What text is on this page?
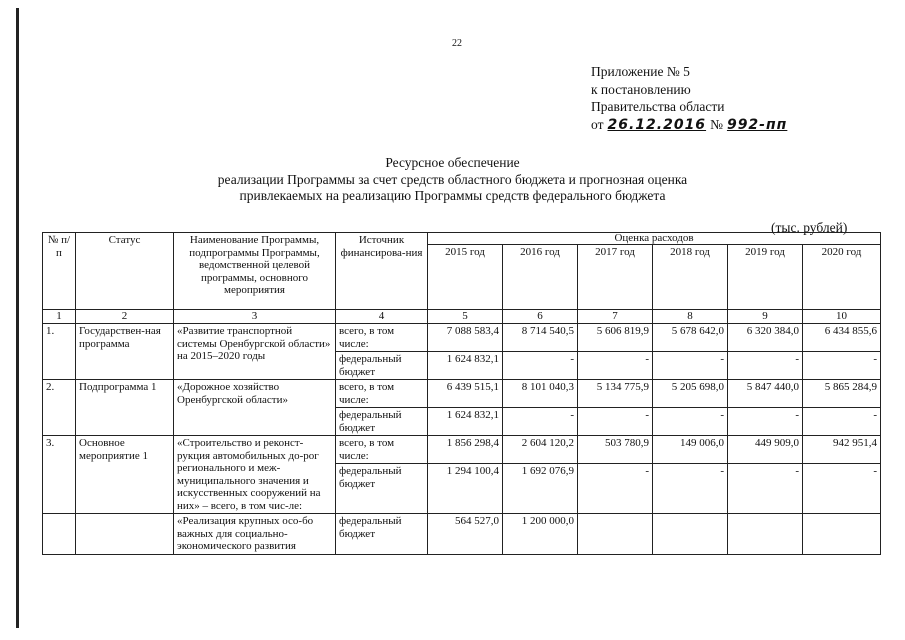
22
Приложение № 5
к постановлению
Правительства области
от 26.12.2016 № 992-пп
Ресурсное обеспечение
реализации Программы за счет средств областного бюджета и прогнозная оценка
привлекаемых на реализацию Программы средств федерального бюджета
(тыс. рублей)
№ п/п	Статус	Наименование Программы, подпрограммы Программы, ведомственной целевой программы, основного мероприятия	Источник финансирова-ния	Оценка расходов					
				2015 год	2016 год	2017 год	2018 год	2019 год	2020 год
1	2	3	4	5	6	7	8	9	10
1.	Государствен-ная программа	«Развитие транспортной системы Оренбургской области» на 2015–2020 годы	всего, в том числе:	7 088 583,4	8 714 540,5	5 606 819,9	5 678 642,0	6 320 384,0	6 434 855,6
			федеральный бюджет	1 624 832,1	-	-	-	-	-
2.	Подпрограмма 1	«Дорожное хозяйство Оренбургской области»	всего, в том числе:	6 439 515,1	8 101 040,3	5 134 775,9	5 205 698,0	5 847 440,0	5 865 284,9
			федеральный бюджет	1 624 832,1	-	-	-	-	-
3.	Основное мероприятие 1	«Строительство и реконст-рукция автомобильных до-рог регионального и меж-муниципального значения и искусственных сооружений на них» – всего, в том чис-ле:	всего, в том числе:	1 856 298,4	2 604 120,2	503 780,9	149 006,0	449 909,0	942 951,4
			федеральный бюджет	1 294 100,4	1 692 076,9	-	-	-	-

		«Реализация крупных осо-бо важных для социально-экономического развития	федеральный бюджет	564 527,0	1 200 000,0				
